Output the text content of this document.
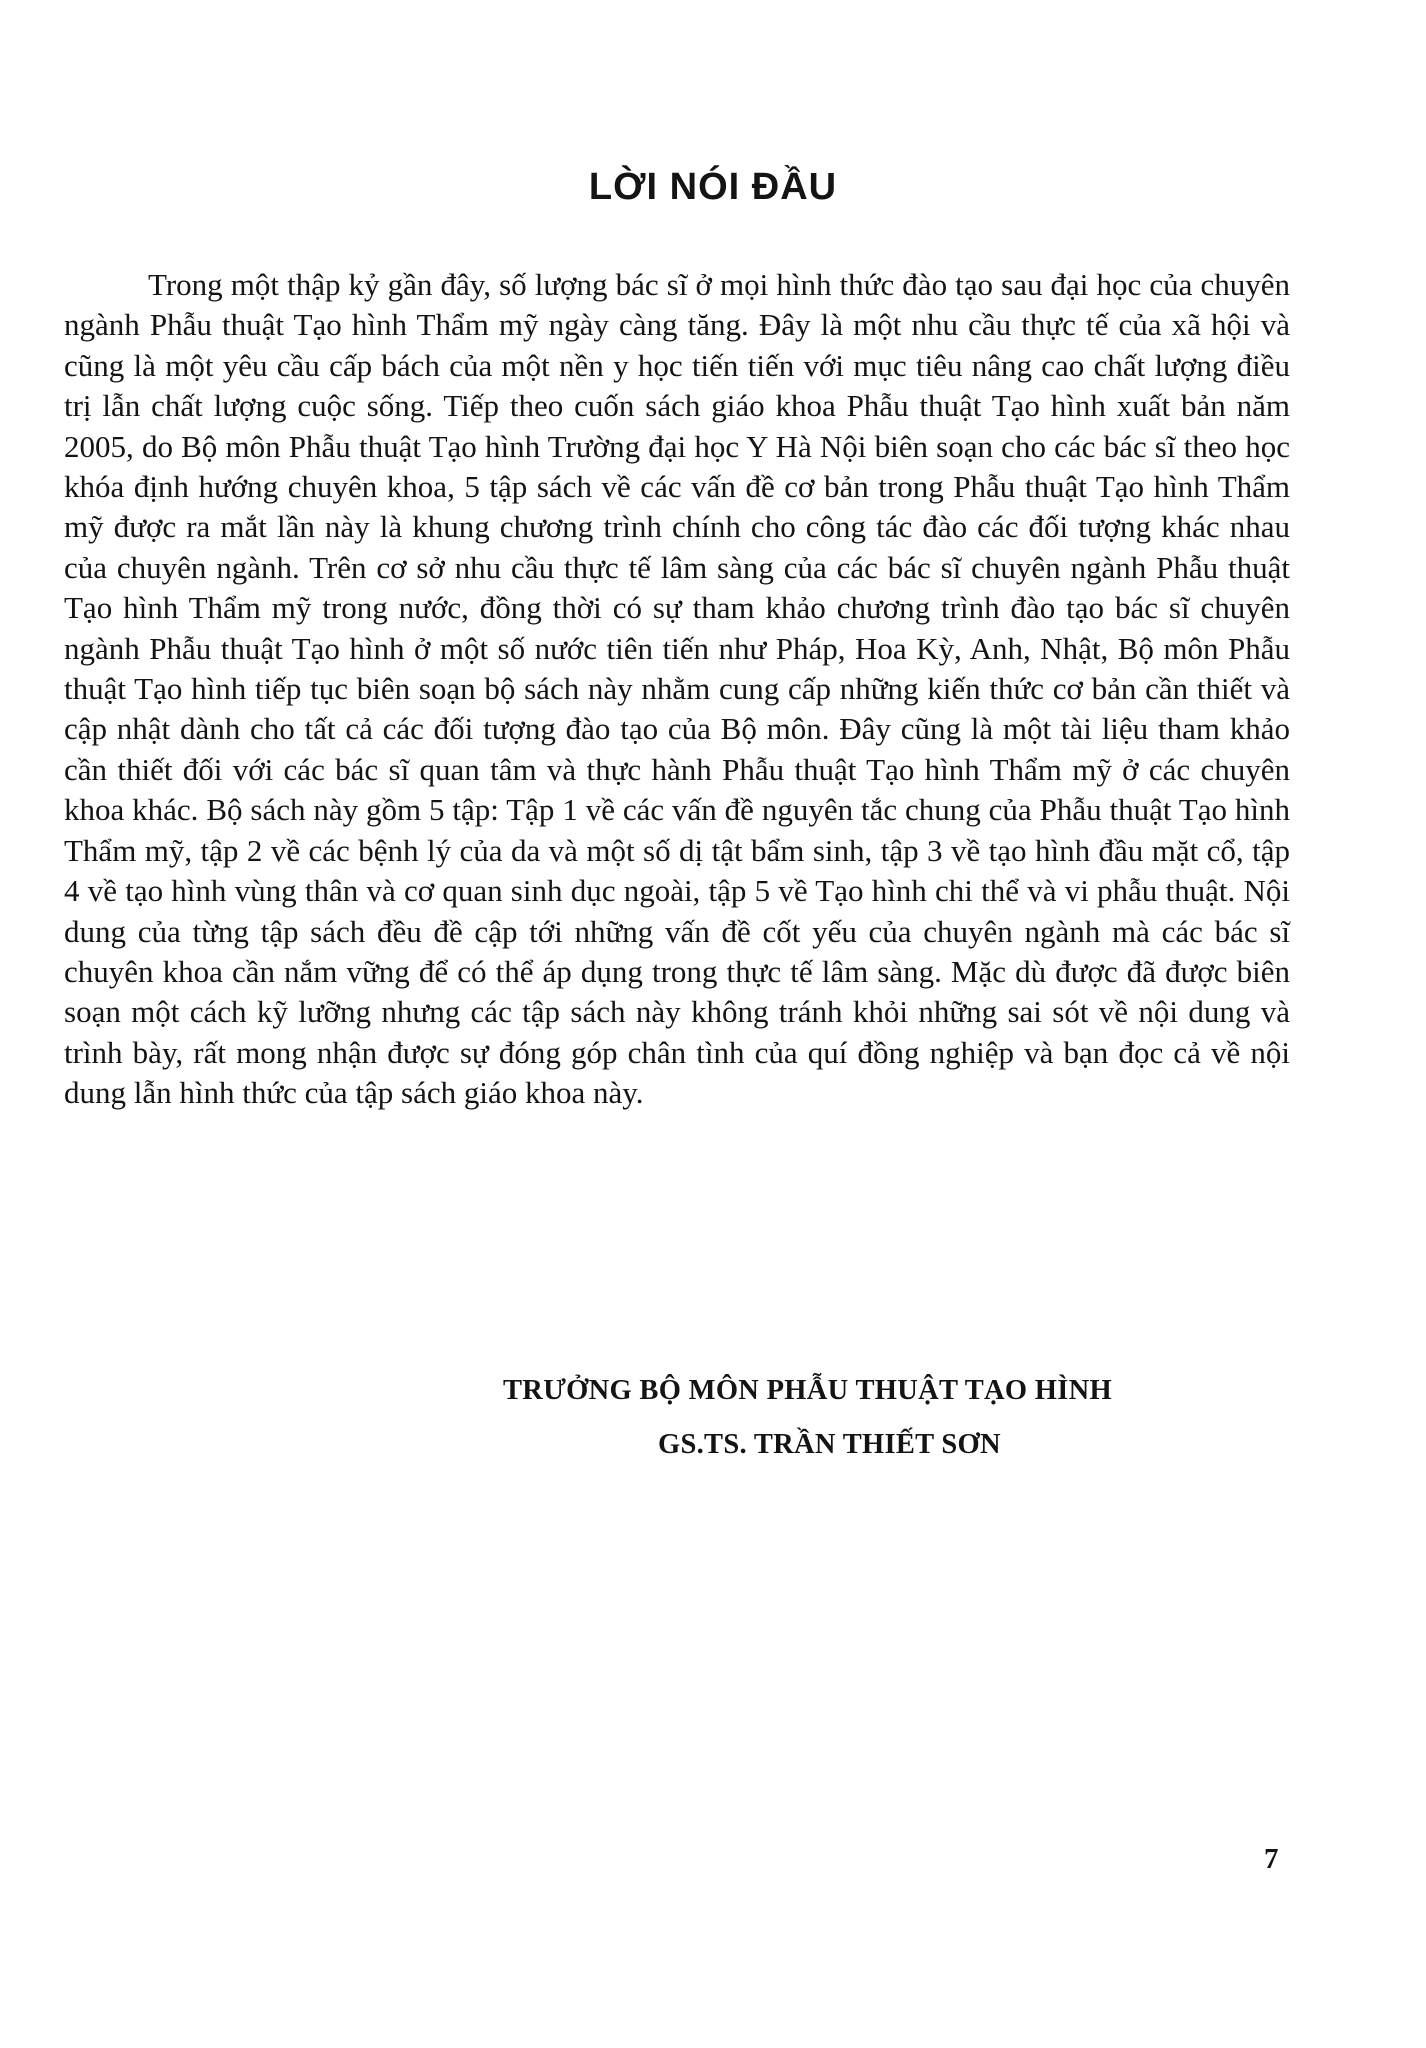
LỜI NÓI ĐẦU

Trong một thập kỷ gần đây, số lượng bác sĩ ở mọi hình thức đào tạo sau đại học của chuyên ngành Phẫu thuật Tạo hình Thẩm mỹ ngày càng tăng. Đây là một nhu cầu thực tế của xã hội và cũng là một yêu cầu cấp bách của một nền y học tiến tiến với mục tiêu nâng cao chất lượng điều trị lẫn chất lượng cuộc sống. Tiếp theo cuốn sách giáo khoa Phẫu thuật Tạo hình xuất bản năm 2005, do Bộ môn Phẫu thuật Tạo hình Trường đại học Y Hà Nội biên soạn cho các bác sĩ theo học khóa định hướng chuyên khoa, 5 tập sách về các vấn đề cơ bản trong Phẫu thuật Tạo hình Thẩm mỹ được ra mắt lần này là khung chương trình chính cho công tác đào các đối tượng khác nhau của chuyên ngành. Trên cơ sở nhu cầu thực tế lâm sàng của các bác sĩ chuyên ngành Phẫu thuật Tạo hình Thẩm mỹ trong nước, đồng thời có sự tham khảo chương trình đào tạo bác sĩ chuyên ngành Phẫu thuật Tạo hình ở một số nước tiên tiến như Pháp, Hoa Kỳ, Anh, Nhật, Bộ môn Phẫu thuật Tạo hình tiếp tục biên soạn bộ sách này nhằm cung cấp những kiến thức cơ bản cần thiết và cập nhật dành cho tất cả các đối tượng đào tạo của Bộ môn. Đây cũng là một tài liệu tham khảo cần thiết đối với các bác sĩ quan tâm và thực hành Phẫu thuật Tạo hình Thẩm mỹ ở các chuyên khoa khác. Bộ sách này gồm 5 tập: Tập 1 về các vấn đề nguyên tắc chung của Phẫu thuật Tạo hình Thẩm mỹ, tập 2 về các bệnh lý của da và một số dị tật bẩm sinh, tập 3 về tạo hình đầu mặt cổ, tập 4 về tạo hình vùng thân và cơ quan sinh dục ngoài, tập 5 về Tạo hình chi thể và vi phẫu thuật. Nội dung của từng tập sách đều đề cập tới những vấn đề cốt yếu của chuyên ngành mà các bác sĩ chuyên khoa cần nắm vững để có thể áp dụng trong thực tế lâm sàng. Mặc dù được đã được biên soạn một cách kỹ lưỡng nhưng các tập sách này không tránh khỏi những sai sót về nội dung và trình bày, rất mong nhận được sự đóng góp chân tình của quí đồng nghiệp và bạn đọc cả về nội dung lẫn hình thức của tập sách giáo khoa này.

TRƯỞNG BỘ MÔN PHẪU THUẬT TẠO HÌNH

GS.TS. TRẦN THIẾT SƠN

7
